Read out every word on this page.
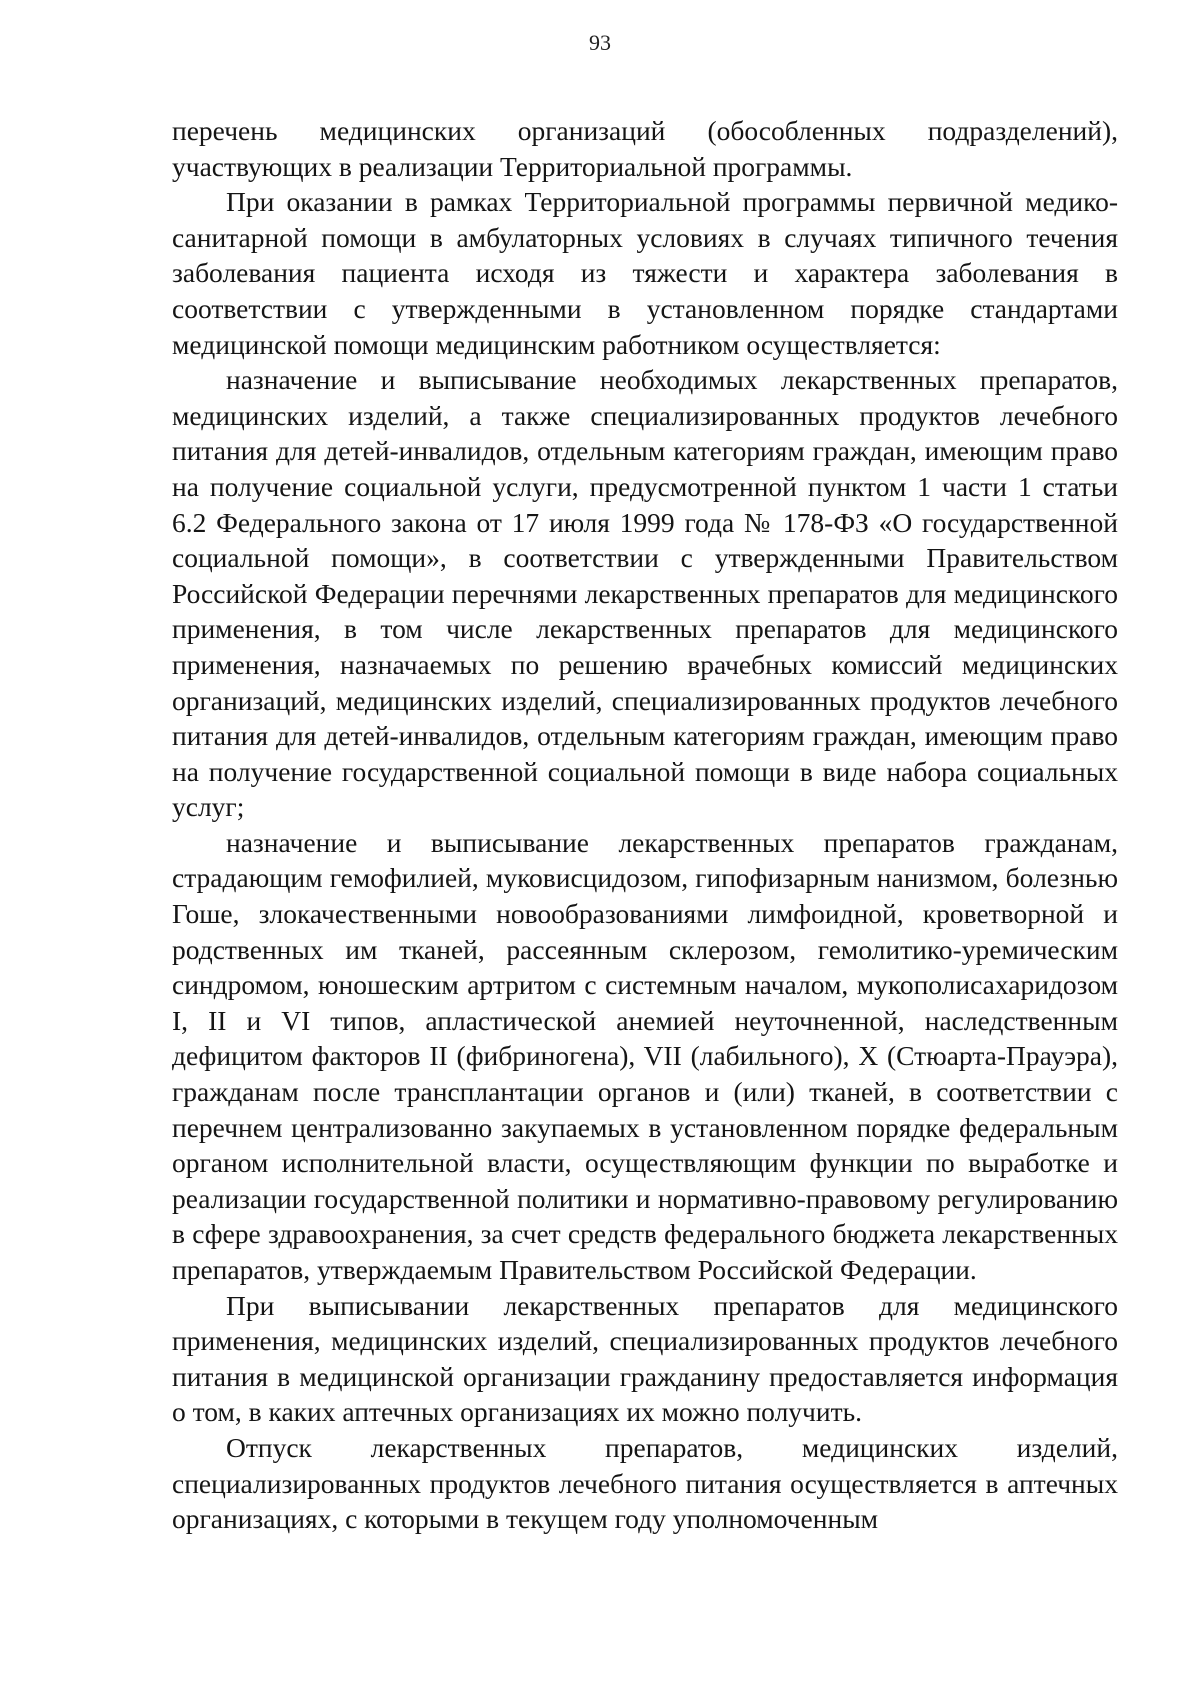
93

перечень медицинских организаций (обособленных подразделений), участвующих в реализации Территориальной программы.

При оказании в рамках Территориальной программы первичной медико-санитарной помощи в амбулаторных условиях в случаях типичного течения заболевания пациента исходя из тяжести и характера заболевания в соответствии с утвержденными в установленном порядке стандартами медицинской помощи медицинским работником осуществляется:

назначение и выписывание необходимых лекарственных препаратов, медицинских изделий, а также специализированных продуктов лечебного питания для детей-инвалидов, отдельным категориям граждан, имеющим право на получение социальной услуги, предусмотренной пунктом 1 части 1 статьи 6.2 Федерального закона от 17 июля 1999 года № 178-ФЗ «О государственной социальной помощи», в соответствии с утвержденными Правительством Российской Федерации перечнями лекарственных препаратов для медицинского применения, в том числе лекарственных препаратов для медицинского применения, назначаемых по решению врачебных комиссий медицинских организаций, медицинских изделий, специализированных продуктов лечебного питания для детей-инвалидов, отдельным категориям граждан, имеющим право на получение государственной социальной помощи в виде набора социальных услуг;

назначение и выписывание лекарственных препаратов гражданам, страдающим гемофилией, муковисцидозом, гипофизарным нанизмом, болезнью Гоше, злокачественными новообразованиями лимфоидной, кроветворной и родственных им тканей, рассеянным склерозом, гемолитико-уремическим синдромом, юношеским артритом с системным началом, мукополисахаридозом I, II и VI типов, апластической анемией неуточненной, наследственным дефицитом факторов II (фибриногена), VII (лабильного), X (Стюарта-Прауэра), гражданам после трансплантации органов и (или) тканей, в соответствии с перечнем централизованно закупаемых в установленном порядке федеральным органом исполнительной власти, осуществляющим функции по выработке и реализации государственной политики и нормативно-правовому регулированию в сфере здравоохранения, за счет средств федерального бюджета лекарственных препаратов, утверждаемым Правительством Российской Федерации.

При выписывании лекарственных препаратов для медицинского применения, медицинских изделий, специализированных продуктов лечебного питания в медицинской организации гражданину предоставляется информация о том, в каких аптечных организациях их можно получить.

Отпуск лекарственных препаратов, медицинских изделий, специализированных продуктов лечебного питания осуществляется в аптечных организациях, с которыми в текущем году уполномоченным
